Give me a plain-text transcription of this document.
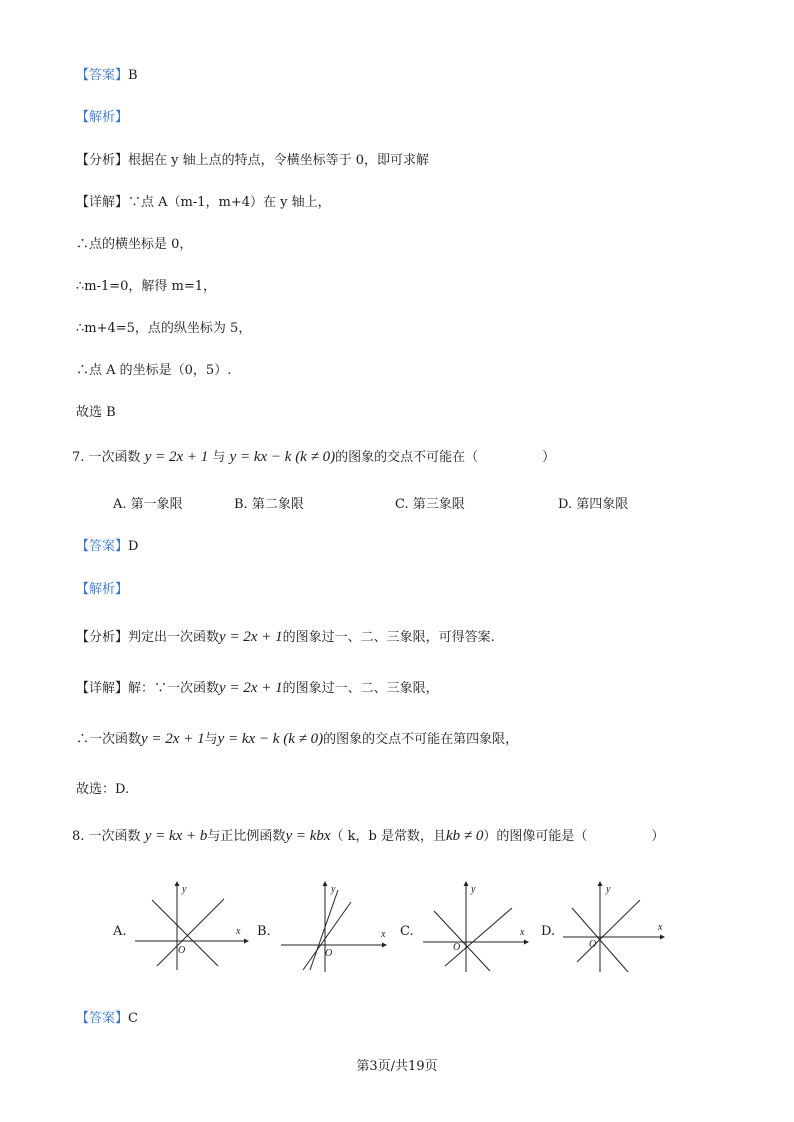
【答案】B
【解析】
【分析】根据在 y 轴上点的特点，令横坐标等于 0，即可求解
【详解】∵点 A（m-1，m+4）在 y 轴上，
∴点的横坐标是 0，
∴m-1=0，解得 m=1，
∴m+4=5，点的纵坐标为 5，
∴点 A 的坐标是（0，5）.
故选 B
7. 一次函数 y = 2x + 1 与 y = kx − k (k ≠ 0)的图象的交点不可能在（	）
A. 第一象限	B. 第二象限	C. 第三象限	D. 第四象限
【答案】D
【解析】
【分析】判定出一次函数y = 2x + 1的图象过一、二、三象限，可得答案.
【详解】解：∵一次函数y = 2x + 1的图象过一、二、三象限，
∴一次函数y = 2x + 1与y = kx − k (k ≠ 0)的图象的交点不可能在第四象限，
故选：D.
8. 一次函数 y = kx + b与正比例函数y = kbx（ k，b 是常数，且kb ≠ 0）的图像可能是（	）
A.	B.	C.	D.
x
y
O
x
y
O
x
y
O
x
y
O
【答案】C
第3页/共19页
